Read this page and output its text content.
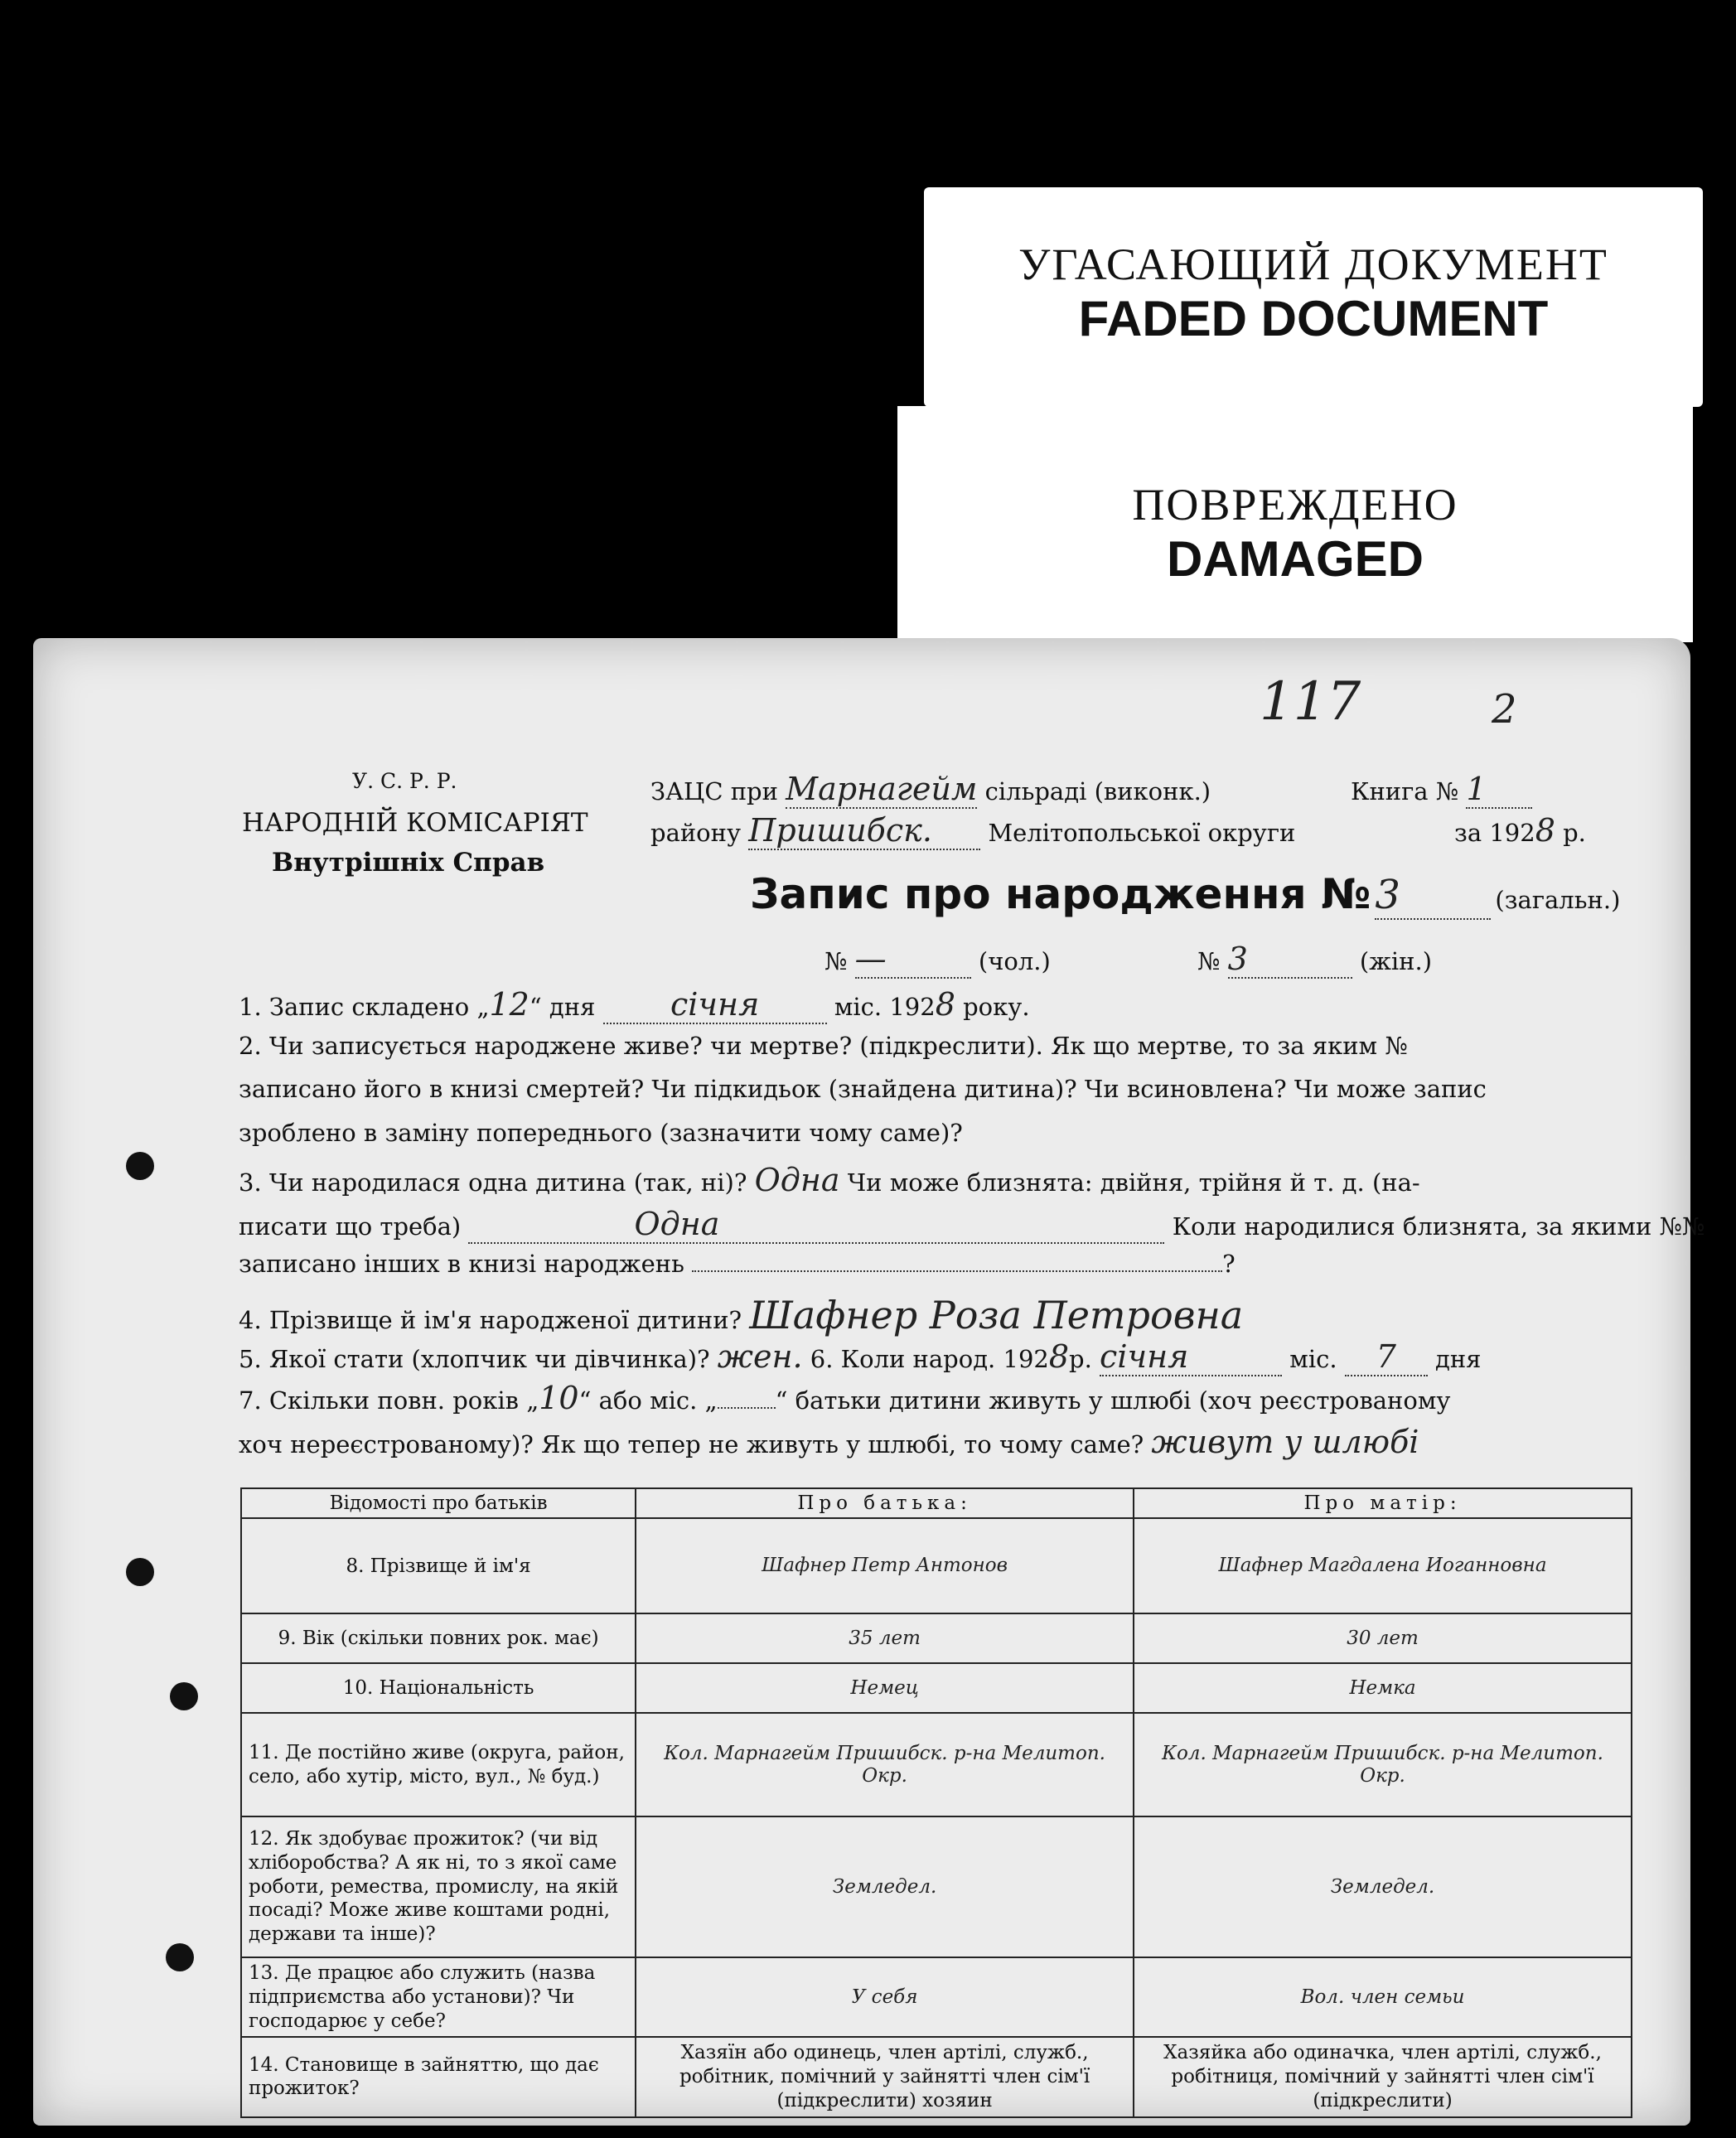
УГАСАЮЩИЙ ДОКУМЕНТ
FADED DOCUMENT
ПОВРЕЖДЕНО
DAMAGED
117	2
У. С. Р. Р.
НАРОДНІЙ КОМІСАРІЯТ
Внутрішніх Справ
ЗАЦС при Марнагейм сільраді (виконк.)	Книга № 1
району Пришибск. Мелітопольської округи	за 1928 р.
Запис про народження № 3	(загальн.)
№ —	(чол.)	№ 3	(жін.)
1. Запис складено „12“ дня січня	міс. 1928 року.
2. Чи записується народжене живе? чи мертве? (підкреслити). Як що мертве, то за яким №
записано його в книзі смертей? Чи підкидьок (знайдена дитина)? Чи всиновлена? Чи може запис
зроблено в заміну попереднього (зазначити чому саме)?
3. Чи народилася одна дитина (так, ні)? Одна Чи може близнята: двійня, трійня й т. д. (на-
писати що треба)	Одна	Коли народилися близнята, за якими №№
записано інших в книзі народжень	?
4. Прізвище й ім'я народженої дитини? Шафнер Роза Петровна
5. Якої стати (хлопчик чи дівчинка)? жен. 6. Коли народ. 1928р. січня	міс. 7 дня
7. Скільки повн. років „10“ або міс. „ “ батьки дитини живуть у шлюбі (хоч реєстрованому
хоч нереєстрованому)? Як що тепер не живуть у шлюбі, то чому саме? живут у шлюбі
Відомості про батьків	Про батька:	Про матір:
8. Прізвище й ім'я	Шафнер Петр Антонов	Шафнер Магдалена Иоганновна
9. Вік (скільки повних рок. має)	35 лет	30 лет
10. Національність	Немец	Немка
11. Де постійно живе (округа, район, село, або хутір, місто, вул., № буд.)	Кол. Марнагейм Пришибск. р-на Мелитоп. Окр.	Кол. Марнагейм Пришибск. р-на Мелитоп. Окр.
12. Як здобуває прожиток? (чи від хліборобства? А як ні, то з якої саме роботи, ремества, промислу, на якій посаді? Може живе коштами родні, держави та інше)?	Земледел.	Земледел.
13. Де працює або служить (назва підприємства або установи)? Чи господарює у себе?	У себя	Вол. член семьи
14. Становище в зайняттю, що дає прожиток?	Хазяїн або одинець, член артілі, служб., робітник, помічний у зайнятті член сім'ї (підкреслити) хозяин	Хазяйка або одиначка, член артілі, служб., робітниця, помічний у зайнятті член сім'ї (підкреслити)
